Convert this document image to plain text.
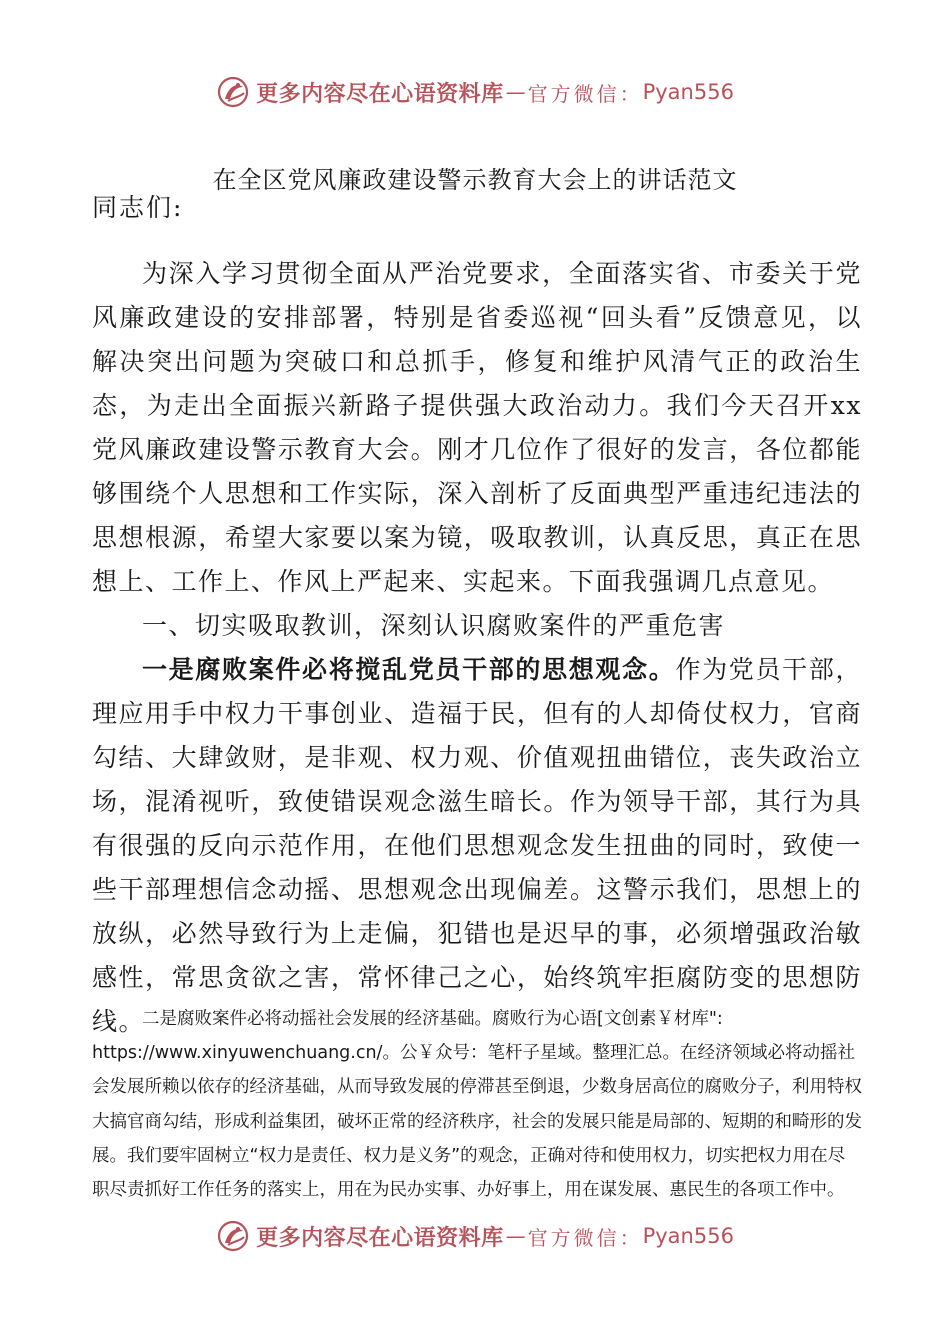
更多内容尽在心语资料库 — 官方微信： Pyan556
在全区党风廉政建设警示教育大会上的讲话范文
同志们:

为深入学习贯彻全面从严治党要求，全面落实省、市委关于党风廉政建设的安排部署，特别是省委巡视“回头看”反馈意见，以解决突出问题为突破口和总抓手，修复和维护风清气正的政治生态，为走出全面振兴新路子提供强大政治动力。我们今天召开xx党风廉政建设警示教育大会。刚才几位作了很好的发言，各位都能够围绕个人思想和工作实际，深入剖析了反面典型严重违纪违法的思想根源，希望大家要以案为镜，吸取教训，认真反思，真正在思想上、工作上、作风上严起来、实起来。下面我强调几点意见。

一、切实吸取教训，深刻认识腐败案件的严重危害

一是腐败案件必将搅乱党员干部的思想观念。作为党员干部，理应用手中权力干事创业、造福于民，但有的人却倚仗权力，官商勾结、大肆敛财，是非观、权力观、价值观扭曲错位，丧失政治立场，混淆视听，致使错误观念滋生暗长。作为领导干部，其行为具有很强的反向示范作用，在他们思想观念发生扭曲的同时，致使一些干部理想信念动摇、思想观念出现偏差。这警示我们，思想上的放纵，必然导致行为上走偏，犯错也是迟早的事，必须增强政治敏感性，常思贪欲之害，常怀律己之心，始终筑牢拒腐防变的思想防线。

二是腐败案件必将动摇社会发展的经济基础。腐败行为心语[文创素￥材库": https://www.xinyuwenchuang.cn/。公￥众号：笔杆子星域。整理汇总。在经济领域必将动摇社会发展所赖以依存的经济基础，从而导致发展的停滞甚至倒退，少数身居高位的腐败分子，利用特权大搞官商勾结，形成利益集团，破坏正常的经济秩序，社会的发展只能是局部的、短期的和畸形的发展。我们要牢固树立“权力是责任、权力是义务”的观念，正确对待和使用权力，切实把权力用在尽职尽责抓好工作任务的落实上，用在为民办实事、办好事上，用在谋发展、惠民生的各项工作中。

更多内容尽在心语资料库 — 官方微信： Pyan556
